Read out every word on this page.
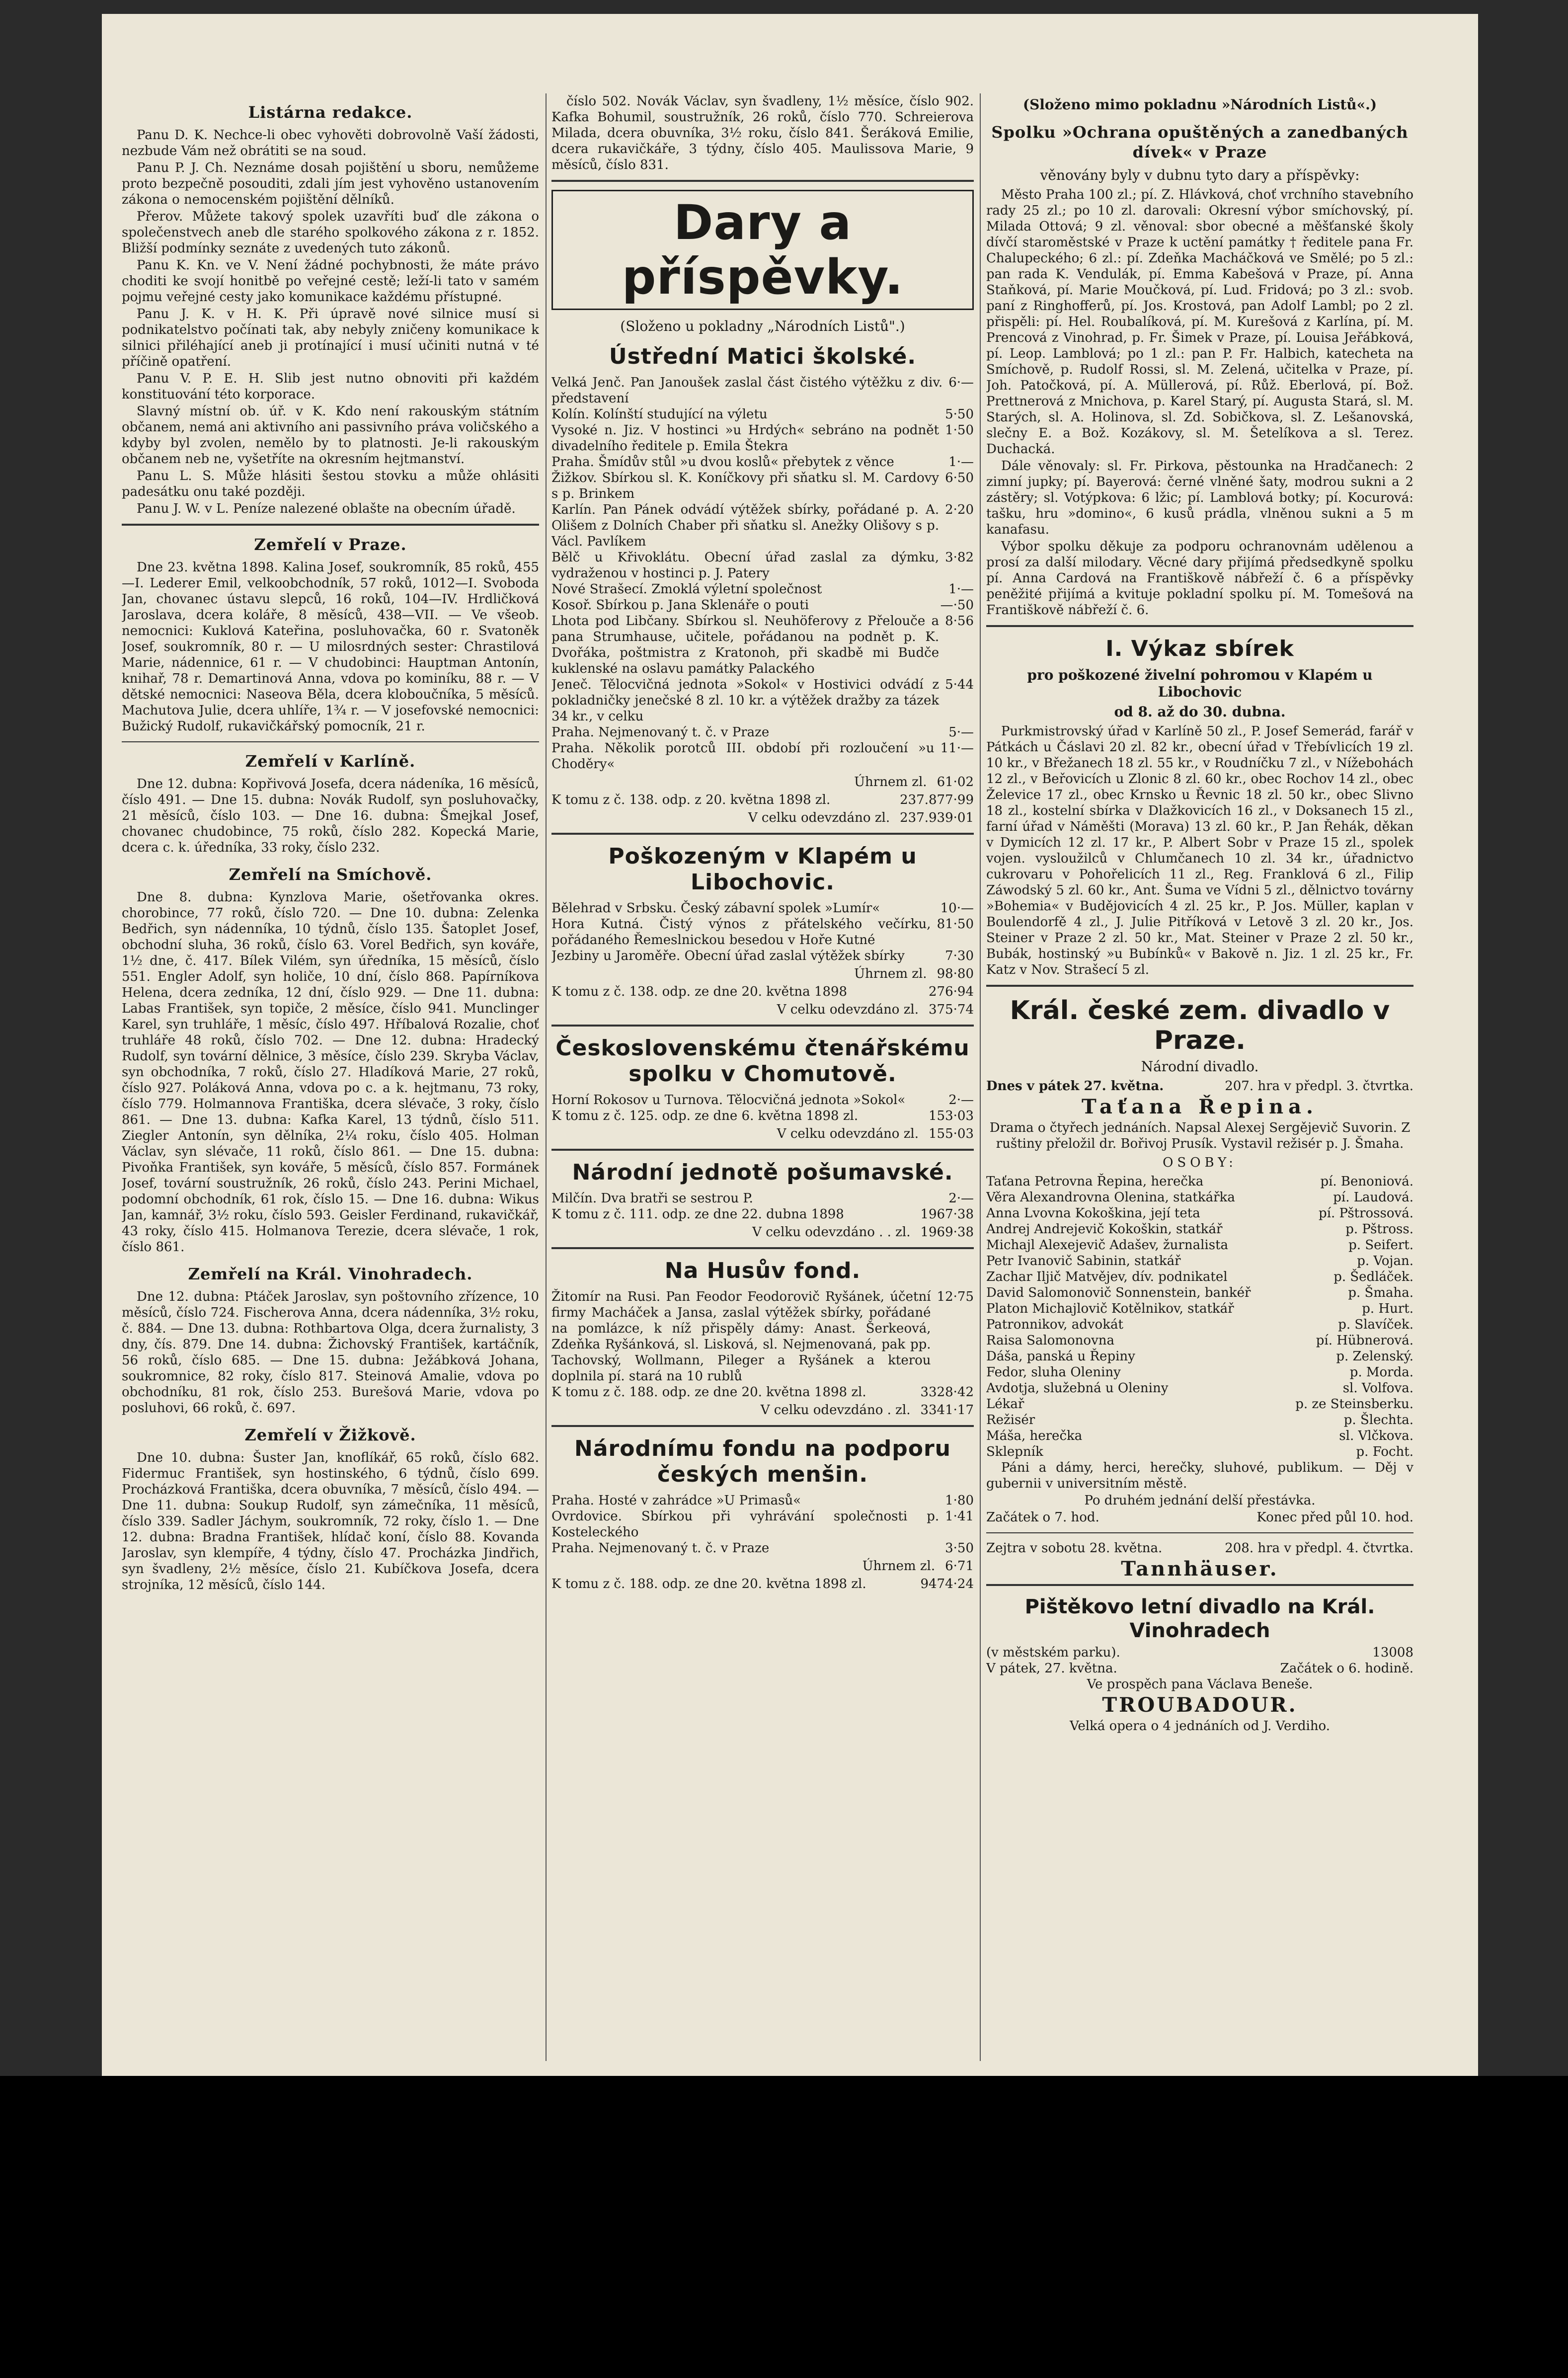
Listárna redakce.

Panu D. K. Nechce-li obec vyhověti dobrovolně Vaší žádosti, nezbude Vám než obrátiti se na soud.

Panu P. J. Ch. Neznáme dosah pojištění u sboru, nemůžeme proto bezpečně posouditi, zdali jím jest vyhověno ustanovením zákona o nemocenském pojištění dělníků.

Přerov. Můžete takový spolek uzavříti buď dle zákona o společenstvech aneb dle starého spolkového zákona z r. 1852. Bližší podmínky seznáte z uvedených tuto zákonů.

Panu K. Kn. ve V. Není žádné pochybnosti, že máte právo choditi ke svojí honitbě po veřejné cestě; leží-li tato v samém pojmu veřejné cesty jako komunikace každému přístupné.

Panu J. K. v H. K. Při úpravě nové silnice musí si podnikatelstvo počínati tak, aby nebyly zničeny komunikace k silnici přiléhající aneb ji protínající i musí učiniti nutná v té příčině opatření.

Panu V. P. E. H. Slib jest nutno obnoviti při každém konstituování této korporace.

Slavný místní ob. úř. v K. Kdo není rakouským státním občanem, nemá ani aktivního ani passivního práva voličského a kdyby byl zvolen, nemělo by to platnosti. Je-li rakouským občanem neb ne, vyšetříte na okresním hejtmanství.

Panu L. S. Může hlásiti šestou stovku a může ohlásiti padesátku onu také později.

Panu J. W. v L. Peníze nalezené oblašte na obecním úřadě.

Zemřelí v Praze.

Dne 23. května 1898. Kalina Josef, soukromník, 85 roků, 455—I. Lederer Emil, velkoobchodník, 57 roků, 1012—I. Svoboda Jan, chovanec ústavu slepců, 16 roků, 104—IV. Hrdličková Jaroslava, dcera koláře, 8 měsíců, 438—VII. — Ve všeob. nemocnici: Kuklová Kateřina, posluhovačka, 60 r. Svatoněk Josef, soukromník, 80 r. — U milosrdných sester: Chrastilová Marie, nádennice, 61 r. — V chudobinci: Hauptman Antonín, knihař, 78 r. Demartinová Anna, vdova po kominíku, 88 r. — V dětské nemocnici: Naseova Běla, dcera kloboučníka, 5 měsíců. Machutova Julie, dcera uhlíře, 1¾ r. — V josefovské nemocnici: Bužický Rudolf, rukavičkářský pomocník, 21 r.

Zemřelí v Karlíně.

Dne 12. dubna: Kopřivová Josefa, dcera nádeníka, 16 měsíců, číslo 491. — Dne 15. dubna: Novák Rudolf, syn posluhovačky, 21 měsíců, číslo 103. — Dne 16. dubna: Šmejkal Josef, chovanec chudobince, 75 roků, číslo 282. Kopecká Marie, dcera c. k. úředníka, 33 roky, číslo 232.

Zemřelí na Smíchově.

Dne 8. dubna: Kynzlova Marie, ošetřovanka okres. chorobince, 77 roků, číslo 720. — Dne 10. dubna: Zelenka Bedřich, syn nádenníka, 10 týdnů, číslo 135. Šatoplet Josef, obchodní sluha, 36 roků, číslo 63. Vorel Bedřich, syn kováře, 1½ dne, č. 417. Bílek Vilém, syn úředníka, 15 měsíců, číslo 551. Engler Adolf, syn holiče, 10 dní, číslo 868. Papírníkova Helena, dcera zedníka, 12 dní, číslo 929. — Dne 11. dubna: Labas František, syn topiče, 2 měsíce, číslo 941. Munclinger Karel, syn truhláře, 1 měsíc, číslo 497. Hříbalová Rozalie, choť truhláře 48 roků, číslo 702. — Dne 12. dubna: Hradecký Rudolf, syn tovární dělnice, 3 měsíce, číslo 239. Skryba Václav, syn obchodníka, 7 roků, číslo 27. Hladíková Marie, 27 roků, číslo 927. Poláková Anna, vdova po c. a k. hejtmanu, 73 roky, číslo 779. Holmannova Františka, dcera slévače, 3 roky, číslo 861. — Dne 13. dubna: Kafka Karel, 13 týdnů, číslo 511. Ziegler Antonín, syn dělníka, 2¼ roku, číslo 405. Holman Václav, syn slévače, 11 roků, číslo 861. — Dne 15. dubna: Pivoňka František, syn kováře, 5 měsíců, číslo 857. Formánek Josef, tovární soustružník, 26 roků, číslo 243. Perini Michael, podomní obchodník, 61 rok, číslo 15. — Dne 16. dubna: Wikus Jan, kamnář, 3½ roku, číslo 593. Geisler Ferdinand, rukavičkář, 43 roky, číslo 415. Holmanova Terezie, dcera slévače, 1 rok, číslo 861.

Zemřelí na Král. Vinohradech.

Dne 12. dubna: Ptáček Jaroslav, syn poštovního zřízence, 10 měsíců, číslo 724. Fischerova Anna, dcera nádenníka, 3½ roku, č. 884. — Dne 13. dubna: Rothbartova Olga, dcera žurnalisty, 3 dny, čís. 879. Dne 14. dubna: Žichovský František, kartáčník, 56 roků, číslo 685. — Dne 15. dubna: Ježábková Johana, soukromnice, 82 roky, číslo 817. Steinová Amalie, vdova po obchodníku, 81 rok, číslo 253. Burešová Marie, vdova po posluhovi, 66 roků, č. 697.

Zemřelí v Žižkově.

Dne 10. dubna: Šuster Jan, knoflíkář, 65 roků, číslo 682. Fidermuc František, syn hostinského, 6 týdnů, číslo 699. Procházková Františka, dcera obuvníka, 7 měsíců, číslo 494. — Dne 11. dubna: Soukup Rudolf, syn zámečníka, 11 měsíců, číslo 339. Sadler Jáchym, soukromník, 72 roky, číslo 1. — Dne 12. dubna: Bradna František, hlídač koní, číslo 88. Kovanda Jaroslav, syn klempíře, 4 týdny, číslo 47. Procházka Jindřich, syn švadleny, 2½ měsíce, číslo 21. Kubíčkova Josefa, dcera strojníka, 12 měsíců, číslo 144.

číslo 502. Novák Václav, syn švadleny, 1½ měsíce, číslo 902. Kafka Bohumil, soustružník, 26 roků, číslo 770. Schreierova Milada, dcera obuvníka, 3½ roku, číslo 841. Šeráková Emilie, dcera rukavičkáře, 3 týdny, číslo 405. Maulissova Marie, 9 měsíců, číslo 831.

Dary a příspěvky.
(Složeno u pokladny „Národních Listů".)
Ústřední Matici školské.
Velká Jenč. Pan Janoušek zaslal část čistého výtěžku z div. představení
6·—
Kolín. Kolínští studující na výletu	5·50
Vysoké n. Jiz. V hostinci »u Hrdých« sebráno na podnět divadelního ředitele p. Emila Štekra
1·50
Praha. Šmídův stůl »u dvou koslů« přebytek z věnce	1·—
Žižkov. Sbírkou sl. K. Koníčkovy při sňatku sl. M. Cardovy s p. Brinkem
6·50
Karlín. Pan Pánek odvádí výtěžek sbírky, pořádané p. A. Olišem z Dolních Chaber při sňatku sl. Anežky Olišovy s p. Václ. Pavlíkem
2·20
Bělč u Křivoklátu. Obecní úřad zaslal za dýmku, vydraženou v hostinci p. J. Patery
3·82
Nové Strašecí. Zmoklá výletní společnost	1·—
Kosoř. Sbírkou p. Jana Sklenáře o pouti	—·50
Lhota pod Libčany. Sbírkou sl. Neuhöferovy z Přelouče a pana Strumhause, učitele, pořádanou na podnět p. K. Dvořáka, poštmistra z Kratonoh, při skadbě mi Budče kuklenské na oslavu památky Palackého
8·56
Jeneč. Tělocvičná jednota »Sokol« v Hostivici odvádí z pokladničky jenečské 8 zl. 10 kr. a výtěžek dražby za tázek 34 kr., v celku
5·44
Praha. Nejmenovaný t. č. v Praze	5·—
Praha. Několik porotců III. období při rozloučení »u Choděry«
11·—
Úhrnem zl. 61·02
K tomu z č. 138. odp. z 20. května 1898 zl.	237.877·99
V celku odevzdáno zl. 237.939·01
Poškozeným v Klapém u Libochovic.
Bělehrad v Srbsku. Český zábavní spolek »Lumír«	10·—
Hora Kutná. Čistý výnos z přátelského večírku, pořádaného Řemeslnickou besedou v Hoře Kutné
81·50
Jezbiny u Jaroměře. Obecní úřad zaslal výtěžek sbírky	7·30
Úhrnem zl. 98·80
K tomu z č. 138. odp. ze dne 20. května 1898	276·94
V celku odevzdáno zl. 375·74
Československému čtenářskému spolku v Chomutově.
Horní Rokosov u Turnova. Tělocvičná jednota »Sokol«	2·—
K tomu z č. 125. odp. ze dne 6. května 1898 zl.	153·03
V celku odevzdáno zl. 155·03
Národní jednotě pošumavské.
Milčín. Dva bratři se sestrou P.	2·—
K tomu z č. 111. odp. ze dne 22. dubna 1898	1967·38
V celku odevzdáno . . zl. 1969·38
Na Husův fond.
Žitomír na Rusi. Pan Feodor Feodorovič Ryšánek, účetní firmy Macháček a Jansa, zaslal výtěžek sbírky, pořádané na pomlázce, k níž přispěly dámy: Anast. Šerkeová, Zdeňka Ryšánková, sl. Lisková, sl. Nejmenovaná, pak pp. Tachovský, Wollmann, Pileger a Ryšánek a kterou doplnila pí. stará na 10 rublů
12·75
K tomu z č. 188. odp. ze dne 20. května 1898 zl.	3328·42
V celku odevzdáno . zl. 3341·17
Národnímu fondu na podporu českých menšin.
Praha. Hosté v zahrádce »U Primasů«	1·80
Ovrdovice. Sbírkou při vyhrávání společnosti p. Kosteleckého
1·41
Praha. Nejmenovaný t. č. v Praze	3·50
Úhrnem zl. 6·71
K tomu z č. 188. odp. ze dne 20. května 1898 zl.	9474·24
(Složeno mimo pokladnu »Národních Listů«.)
Spolku »Ochrana opuštěných a zanedbaných dívek« v Praze
věnovány byly v dubnu tyto dary a příspěvky:

Město Praha 100 zl.; pí. Z. Hlávková, choť vrchního stavebního rady 25 zl.; po 10 zl. darovali: Okresní výbor smíchovský, pí. Milada Ottová; 9 zl. věnoval: sbor obecné a měšťanské školy dívčí staroměstské v Praze k uctění památky † ředitele pana Fr. Chalupeckého; 6 zl.: pí. Zdeňka Macháčková ve Smělé; po 5 zl.: pan rada K. Vendulák, pí. Emma Kabešová v Praze, pí. Anna Staňková, pí. Marie Moučková, pí. Lud. Fridová; po 3 zl.: svob. paní z Ringhofferů, pí. Jos. Krostová, pan Adolf Lambl; po 2 zl. přispěli: pí. Hel. Roubalíková, pí. M. Kurešová z Karlína, pí. M. Prencová z Vinohrad, p. Fr. Šimek v Praze, pí. Louisa Jeřábková, pí. Leop. Lamblová; po 1 zl.: pan P. Fr. Halbich, katecheta na Smíchově, p. Rudolf Rossi, sl. M. Zelená, učitelka v Praze, pí. Joh. Patočková, pí. A. Müllerová, pí. Růž. Eberlová, pí. Bož. Prettnerová z Mnichova, p. Karel Starý, pí. Augusta Stará, sl. M. Starých, sl. A. Holinova, sl. Zd. Sobičkova, sl. Z. Lešanovská, slečny E. a Bož. Kozákovy, sl. M. Šetelíkova a sl. Terez. Duchacká.

Dále věnovaly: sl. Fr. Pirkova, pěstounka na Hradčanech: 2 zimní jupky; pí. Bayerová: černé vlněné šaty, modrou sukni a 2 zástěry; sl. Votýpkova: 6 lžic; pí. Lamblová botky; pí. Kocurová: tašku, hru »domino«, 6 kusů prádla, vlněnou sukni a 5 m kanafasu.

Výbor spolku děkuje za podporu ochranovnám udělenou a prosí za další milodary. Věcné dary přijímá předsedkyně spolku pí. Anna Cardová na Františkově nábřeží č. 6 a příspěvky peněžité přijímá a kvituje pokladní spolku pí. M. Tomešová na Františkově nábřeží č. 6.

I. Výkaz sbírek
pro poškozené živelní pohromou v Klapém u Libochovic
od 8. až do 30. dubna.

Purkmistrovský úřad v Karlíně 50 zl., P. Josef Semerád, farář v Pátkách u Čáslavi 20 zl. 82 kr., obecní úřad v Třebívlicích 19 zl. 10 kr., v Břežanech 18 zl. 55 kr., v Roudníčku 7 zl., v Nížebohách 12 zl., v Beřovicích u Zlonic 8 zl. 60 kr., obec Rochov 14 zl., obec Želevice 17 zl., obec Krnsko u Řevnic 18 zl. 50 kr., obec Slivno 18 zl., kostelní sbírka v Dlažkovicích 16 zl., v Doksanech 15 zl., farní úřad v Náměšti (Morava) 13 zl. 60 kr., P. Jan Řehák, děkan v Dymicích 12 zl. 17 kr., P. Albert Sobr v Praze 15 zl., spolek vojen. vysloužilců v Chlumčanech 10 zl. 34 kr., úřadnictvo cukrovaru v Pohořelicích 11 zl., Reg. Franklová 6 zl., Filip Záwodský 5 zl. 60 kr., Ant. Šuma ve Vídni 5 zl., dělnictvo továrny »Bohemia« v Budějovicích 4 zl. 25 kr., P. Jos. Müller, kaplan v Boulendorfě 4 zl., J. Julie Pitříková v Letově 3 zl. 20 kr., Jos. Steiner v Praze 2 zl. 50 kr., Mat. Steiner v Praze 2 zl. 50 kr., Bubák, hostinský »u Bubínků« v Bakově n. Jiz. 1 zl. 25 kr., Fr. Katz v Nov. Strašecí 5 zl.

Král. české zem. divadlo v Praze.
Národní divadlo.
Dnes v pátek 27. května.	207. hra v předpl. 3. čtvrtka.
Taťana Řepina.

Drama o čtyřech jednáních. Napsal Alexej Sergějevič Suvorin. Z ruštiny přeložil dr. Bořivoj Prusík. Vystavil režisér p. J. Šmaha.

OSOBY:
Taťana Petrovna Řepina, herečka	pí. Benoniová.
Věra Alexandrovna Olenina, statkářka	pí. Laudová.
Anna Lvovna Kokoškina, její teta	pí. Pštrossová.
Andrej Andrejevič Kokoškin, statkář	p. Pštross.
Michajl Alexejevič Adašev, žurnalista	p. Seifert.
Petr Ivanovič Sabinin, statkář	p. Vojan.
Zachar Iljič Matvějev, dív. podnikatel	p. Šedláček.
David Salomonovič Sonnenstein, bankéř	p. Šmaha.
Platon Michajlovič Kotělnikov, statkář	p. Hurt.
Patronnikov, advokát	p. Slavíček.
Raisa Salomonovna	pí. Hübnerová.
Dáša, panská u Řepiny	p. Zelenský.
Fedor, sluha Oleniny	p. Morda.
Avdotja, služebná u Oleniny	sl. Volfova.
Lékař	p. ze Steinsberku.
Režisér	p. Šlechta.
Máša, herečka	sl. Vlčkova.
Sklepník	p. Focht.

Páni a dámy, herci, herečky, sluhové, publikum. — Děj v gubernii v universitním městě.

Po druhém jednání delší přestávka.

Začátek o 7. hod.	Konec před půl 10. hod.
Zejtra v sobotu 28. května.	208. hra v předpl. 4. čtvrtka.
Tannhäuser.
Pištěkovo letní divadlo na Král. Vinohradech
(v městském parku).	13008
V pátek, 27. května.	Začátek o 6. hodině.
Ve prospěch pana Václava Beneše.
TROUBADOUR.
Velká opera o 4 jednáních od J. Verdiho.
